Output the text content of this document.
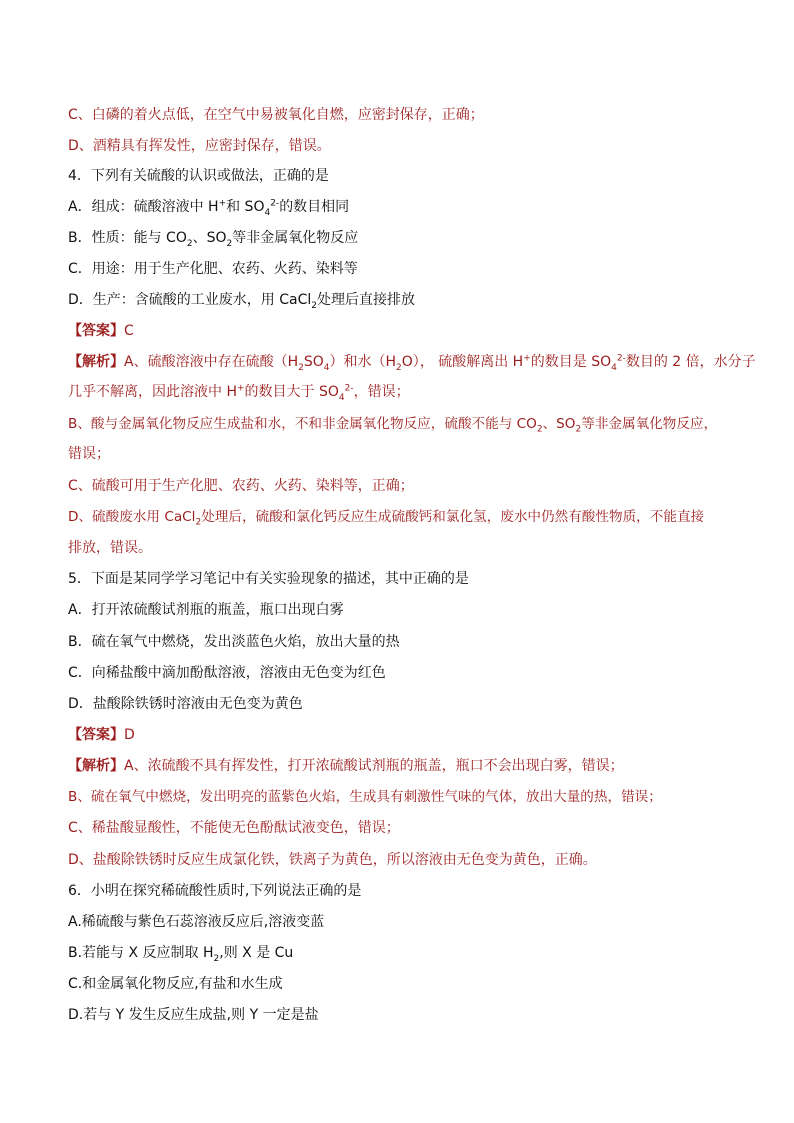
C、白磷的着火点低，在空气中易被氧化自燃，应密封保存，正确；
D、酒精具有挥发性，应密封保存，错误。
4．下列有关硫酸的认识或做法，正确的是
A．组成：硫酸溶液中 H+和 $SO_4^{2-}$的数目相同
B．性质：能与 $CO_2$、$SO_2$等非金属氧化物反应
C．用途：用于生产化肥、农药、火药、染料等
D．生产：含硫酸的工业废水，用 CaCl$_2$处理后直接排放
【答案】C
【解析】A、硫酸溶液中存在硫酸$(H_2SO_4)$和水$(H_2O)$， 硫酸解离出 H+的数目是 $SO_4^{2-}$数目的 2 倍，水分子
几乎不解离，因此溶液中 H+的数目大于 $SO_4^{2-}$，错误；
B、酸与金属氧化物反应生成盐和水，不和非金属氧化物反应，硫酸不能与 $CO_2$、$SO_2$等非金属氧化物反应，
错误；
C、硫酸可用于生产化肥、农药、火药、染料等，正确；
D、硫酸废水用 CaCl$_2$处理后，硫酸和氯化钙反应生成硫酸钙和氯化氢，废水中仍然有酸性物质，不能直接
排放，错误。
5．下面是某同学学习笔记中有关实验现象的描述，其中正确的是
A．打开浓硫酸试剂瓶的瓶盖，瓶口出现白雾
B．硫在氧气中燃烧，发出淡蓝色火焰，放出大量的热
C．向稀盐酸中滴加酚酞溶液，溶液由无色变为红色
D．盐酸除铁锈时溶液由无色变为黄色
【答案】D
【解析】A、浓硫酸不具有挥发性，打开浓硫酸试剂瓶的瓶盖，瓶口不会出现白雾，错误；
B、硫在氧气中燃烧，发出明亮的蓝紫色火焰，生成具有刺激性气味的气体，放出大量的热，错误；
C、稀盐酸显酸性，不能使无色酚酞试液变色，错误；
D、盐酸除铁锈时反应生成氯化铁，铁离子为黄色，所以溶液由无色变为黄色，正确。
6．小明在探究稀硫酸性质时,下列说法正确的是
A.稀硫酸与紫色石蕊溶液反应后,溶液变蓝
B.若能与 X 反应制取 $H_2$,则 X 是 Cu
C.和金属氧化物反应,有盐和水生成
D.若与 Y 发生反应生成盐,则 Y 一定是盐
